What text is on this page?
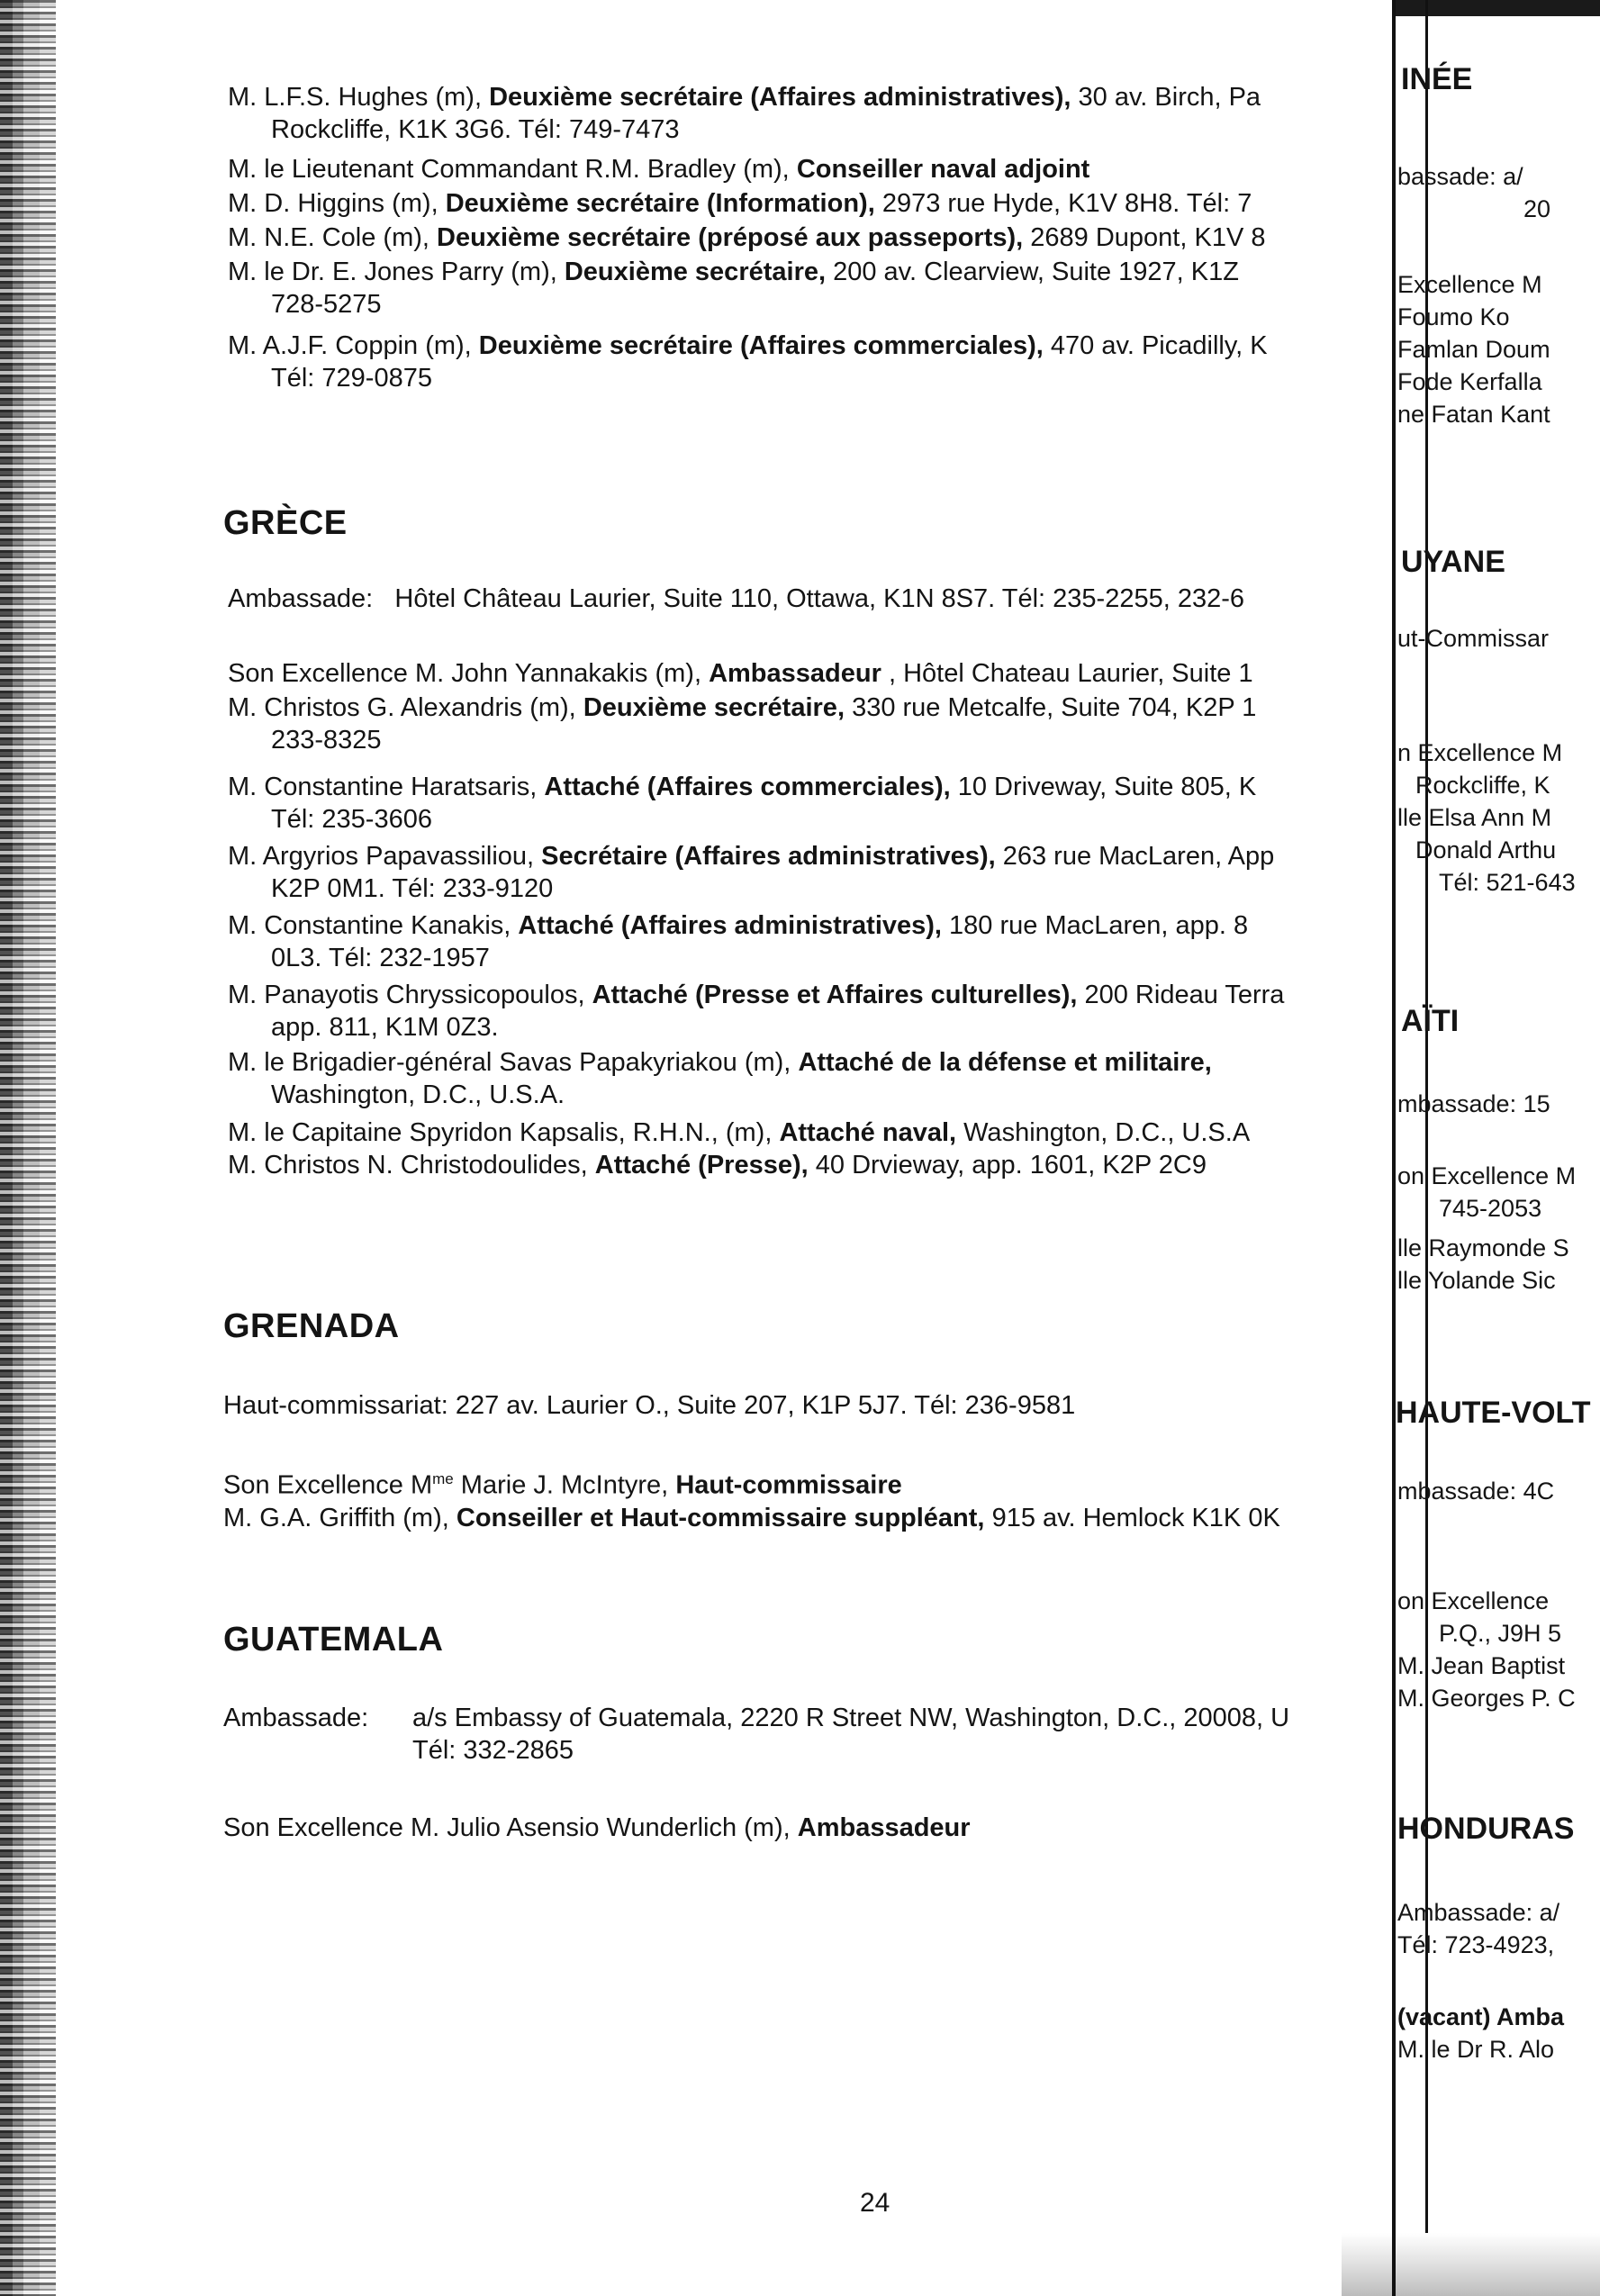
M. L.F.S. Hughes (m), Deuxième secrétaire (Affaires administratives), 30 av. Birch, Pa
Rockcliffe, K1K 3G6. Tél: 749-7473
M. le Lieutenant Commandant R.M. Bradley (m), Conseiller naval adjoint
M. D. Higgins (m), Deuxième secrétaire (Information), 2973 rue Hyde, K1V 8H8. Tél: 7
M. N.E. Cole (m), Deuxième secrétaire (préposé aux passeports), 2689 Dupont, K1V 8
M. le Dr. E. Jones Parry (m), Deuxième secrétaire, 200 av. Clearview, Suite 1927, K1Z
728-5275
M. A.J.F. Coppin (m), Deuxième secrétaire (Affaires commerciales), 470 av. Picadilly, K
Tél: 729-0875
GRÈCE
Ambassade: Hôtel Château Laurier, Suite 110, Ottawa, K1N 8S7. Tél: 235-2255, 232-6
Son Excellence M. John Yannakakis (m), Ambassadeur , Hôtel Chateau Laurier, Suite 1
M. Christos G. Alexandris (m), Deuxième secrétaire, 330 rue Metcalfe, Suite 704, K2P 1
233-8325
M. Constantine Haratsaris, Attaché (Affaires commerciales), 10 Driveway, Suite 805, K
Tél: 235-3606
M. Argyrios Papavassiliou, Secrétaire (Affaires administratives), 263 rue MacLaren, App
K2P 0M1. Tél: 233-9120
M. Constantine Kanakis, Attaché (Affaires administratives), 180 rue MacLaren, app. 8
0L3. Tél: 232-1957
M. Panayotis Chryssicopoulos, Attaché (Presse et Affaires culturelles), 200 Rideau Terra
app. 811, K1M 0Z3.
M. le Brigadier-général Savas Papakyriakou (m), Attaché de la défense et militaire,
Washington, D.C., U.S.A.
M. le Capitaine Spyridon Kapsalis, R.H.N., (m), Attaché naval, Washington, D.C., U.S.A
M. Christos N. Christodoulides, Attaché (Presse), 40 Drvieway, app. 1601, K2P 2C9
GRENADA
Haut-commissariat: 227 av. Laurier O., Suite 207, K1P 5J7. Tél: 236-9581
Son Excellence $M^{me}$ Marie J. McIntyre, Haut-commissaire
M. G.A. Griffith (m), Conseiller et Haut-commissaire suppléant, 915 av. Hemlock K1K 0K
GUATEMALA
Ambassade: a/s Embassy of Guatemala, 2220 R Street NW, Washington, D.C., 20008, U
Tél: 332-2865
Son Excellence M. Julio Asensio Wunderlich (m), Ambassadeur
24
INÉE
bassade: a/
20
Excellence M
Foumo Ko
Famlan Doum
Fode Kerfalla
ne Fatan Kant
UYANE
ut-Commissar
n Excellence M
Rockcliffe, K
lle Elsa Ann M
Donald Arthu
Tél: 521-643
AÏTI
mbassade: 15
on Excellence M
745-2053
lle Raymonde S
lle Yolande Sic
HAUTE-VOLT
mbassade: 4C
on Excellence
P.Q., J9H 5
M. Jean Baptist
M. Georges P. C
HONDURAS
Ambassade: a/
Tél: 723-4923,
(vacant) Amba
M. le Dr R. Alo
